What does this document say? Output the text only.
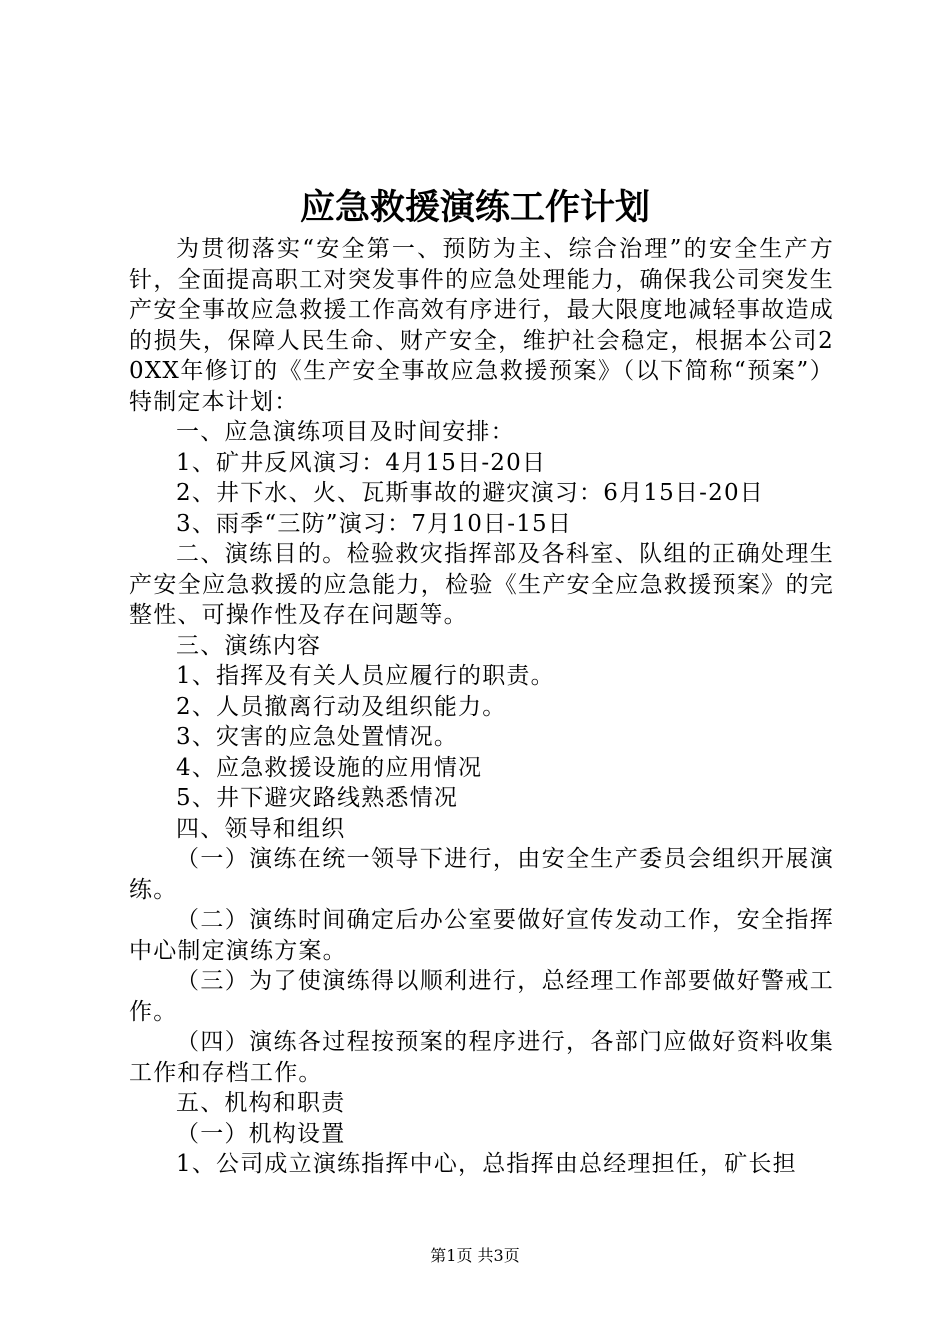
应急救援演练工作计划

为贯彻落实“安全第一、预防为主、综合治理”的安全生产方针，全面提高职工对突发事件的应急处理能力，确保我公司突发生产安全事故应急救援工作高效有序进行，最大限度地减轻事故造成的损失，保障人民生命、财产安全，维护社会稳定，根据本公司20XX年修订的《生产安全事故应急救援预案》（以下简称“预案”）特制定本计划：

一、应急演练项目及时间安排：

1、矿井反风演习：4月15日-20日

2、井下水、火、瓦斯事故的避灾演习：6月15日-20日

3、雨季“三防”演习：7月10日-15日

二、演练目的。检验救灾指挥部及各科室、队组的正确处理生产安全应急救援的应急能力，检验《生产安全应急救援预案》的完整性、可操作性及存在问题等。

三、演练内容

1、指挥及有关人员应履行的职责。

2、人员撤离行动及组织能力。

3、灾害的应急处置情况。

4、应急救援设施的应用情况

5、井下避灾路线熟悉情况

四、领导和组织

（一）演练在统一领导下进行，由安全生产委员会组织开展演练。

（二）演练时间确定后办公室要做好宣传发动工作，安全指挥中心制定演练方案。

（三）为了使演练得以顺利进行，总经理工作部要做好警戒工作。

（四）演练各过程按预案的程序进行，各部门应做好资料收集工作和存档工作。

五、机构和职责

（一）机构设置

1、公司成立演练指挥中心，总指挥由总经理担任，矿长担

第1页 共3页
